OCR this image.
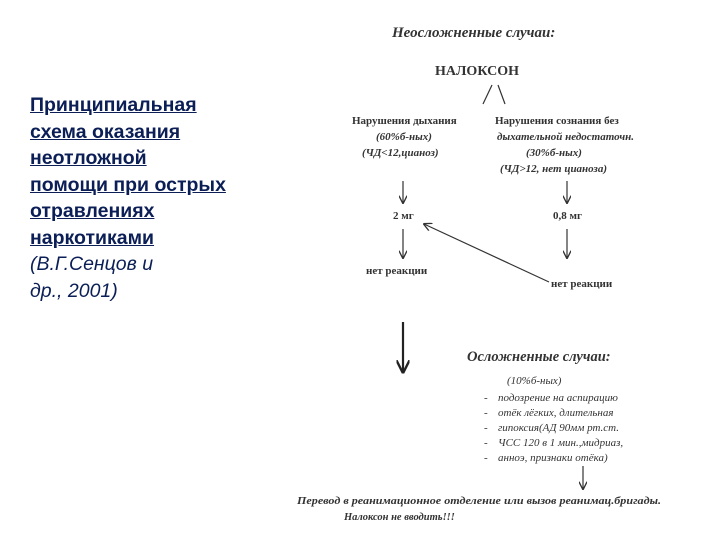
Принципиальная
схема оказания
неотложной
помощи при острых
отравлениях
наркотиками
(В.Г.Сенцов и
др., 2001)
Неосложненные случаи:
НАЛОКСОН
Нарушения дыхания
(60%б-ных)
(ЧД<12,цианоз)
Нарушения сознания без
дыхательной недостаточн.
(30%б-ных)
(ЧД>12, нет цианоза)
2 мг	0,8 мг
нет реакции
нет реакции
Осложненные случаи:
(10%б-ных)
- подозрение на аспирацию
- отёк лёгких, длительная
- гипоксия(АД 90мм рт.ст.
- ЧСС 120 в 1 мин.,мидриаз,
- анноэ, признаки отёка)
Перевод в реанимационное отделение или вызов реанимац.бригады.
Налоксон не вводить!!!
